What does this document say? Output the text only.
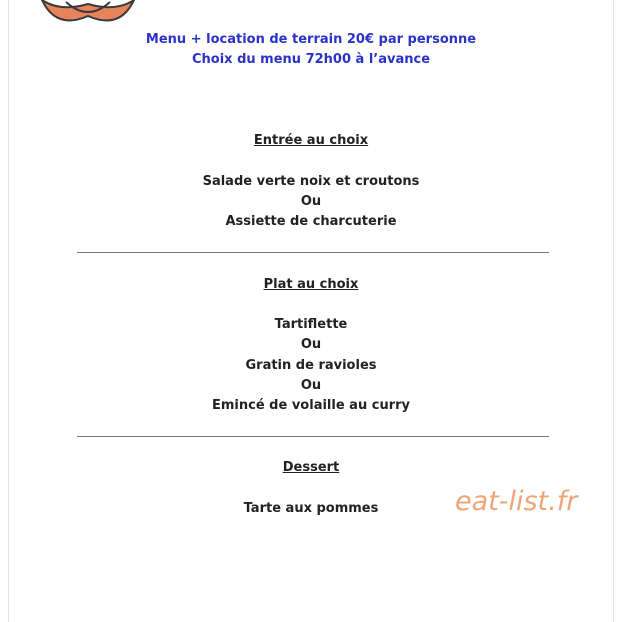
Menu + location de terrain 20€ par personne
Choix du menu 72h00 à l’avance
Entrée au choix
Salade verte noix et croutons
Ou
Assiette de charcuterie
Plat au choix
Tartiflette
Ou
Gratin de ravioles
Ou
Emincé de volaille au curry
Dessert
Tarte aux pommes	eat-list.fr
